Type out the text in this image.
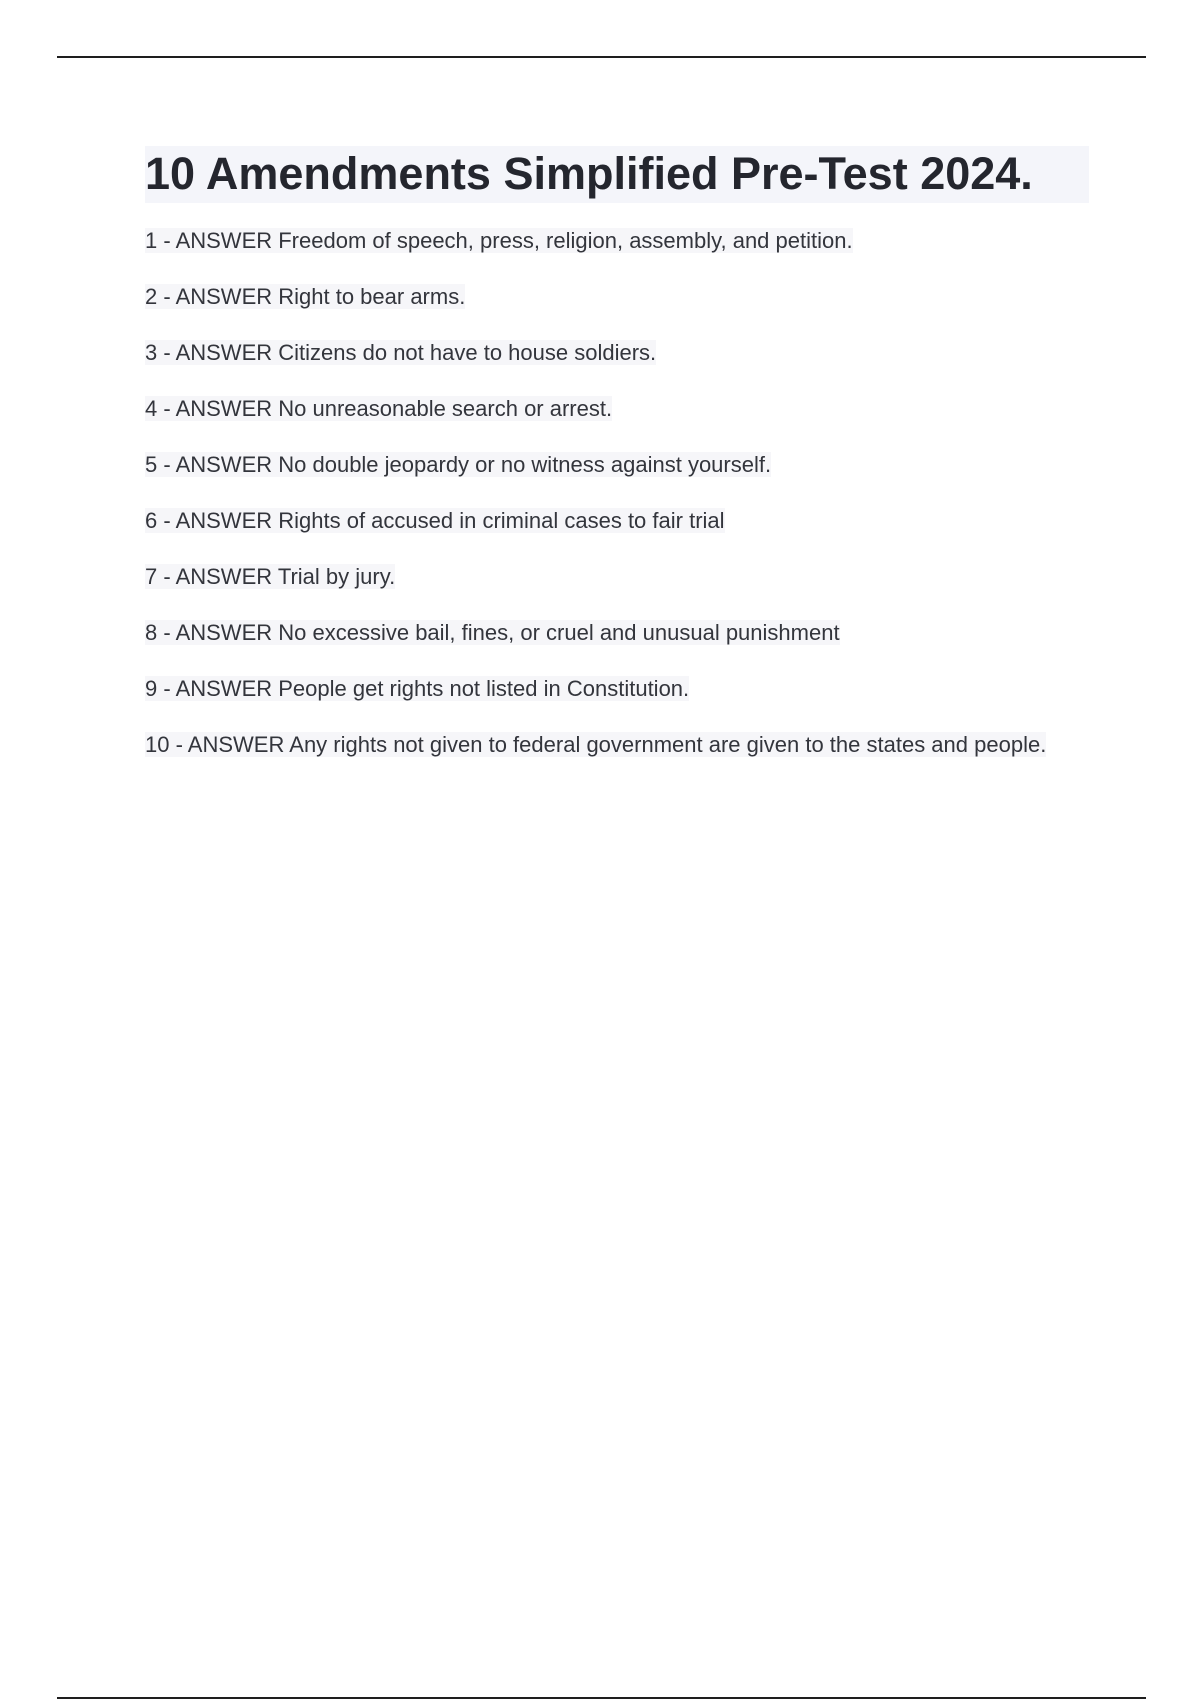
10 Amendments Simplified Pre-Test 2024.
1 - ANSWER Freedom of speech, press, religion, assembly, and petition.
2 - ANSWER Right to bear arms.
3 - ANSWER Citizens do not have to house soldiers.
4 - ANSWER No unreasonable search or arrest.
5 - ANSWER No double jeopardy or no witness against yourself.
6 - ANSWER Rights of accused in criminal cases to fair trial
7 - ANSWER Trial by jury.
8 - ANSWER No excessive bail, fines, or cruel and unusual punishment
9 - ANSWER People get rights not listed in Constitution.
10 - ANSWER Any rights not given to federal government are given to the states and people.
